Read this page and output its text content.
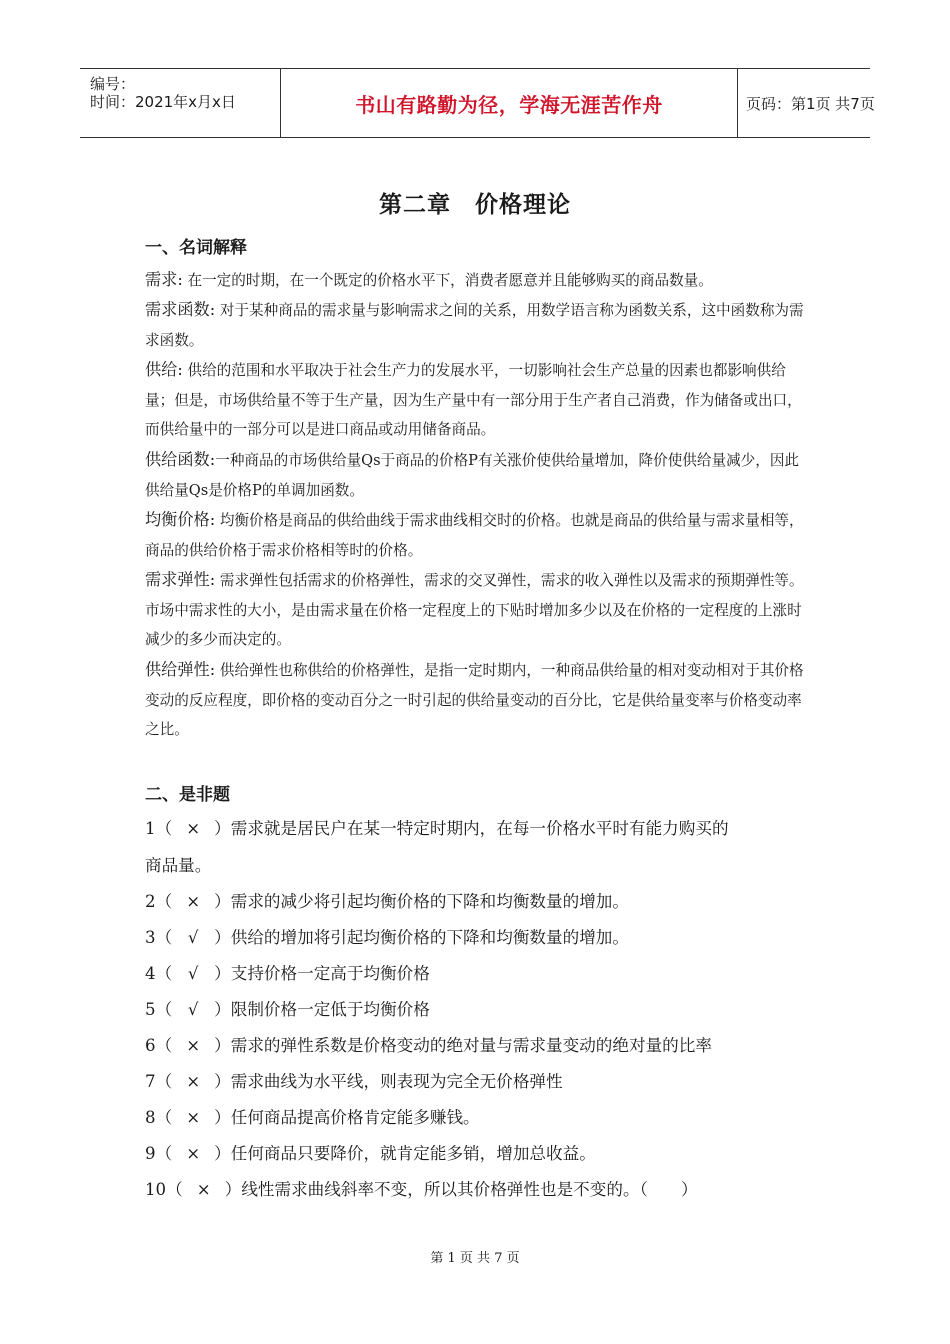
编号：
时间：2021年x月x日	书山有路勤为径，学海无涯苦作舟	页码：第1页 共7页
第二章　价格理论
一、名词解释
需求: 在一定的时期，在一个既定的价格水平下，消费者愿意并且能够购买的商品数量。
需求函数: 对于某种商品的需求量与影响需求之间的关系，用数学语言称为函数关系，这中函数称为需求函数。
供给: 供给的范围和水平取决于社会生产力的发展水平，一切影响社会生产总量的因素也都影响供给量；但是，市场供给量不等于生产量，因为生产量中有一部分用于生产者自己消费，作为储备或出口，而供给量中的一部分可以是进口商品或动用储备商品。
供给函数:一种商品的市场供给量Qs于商品的价格P有关涨价使供给量增加，降价使供给量减少，因此供给量Qs是价格P的单调加函数。
均衡价格: 均衡价格是商品的供给曲线于需求曲线相交时的价格。也就是商品的供给量与需求量相等，商品的供给价格于需求价格相等时的价格。
需求弹性: 需求弹性包括需求的价格弹性，需求的交叉弹性，需求的收入弹性以及需求的预期弹性等。市场中需求性的大小，是由需求量在价格一定程度上的下贴时增加多少以及在价格的一定程度的上涨时减少的多少而决定的。
供给弹性: 供给弹性也称供给的价格弹性，是指一定时期内，一种商品供给量的相对变动相对于其价格变动的反应程度，即价格的变动百分之一时引起的供给量变动的百分比，它是供给量变率与价格变动率之比。
二、是非题
1（ × ）需求就是居民户在某一特定时期内，在每一价格水平时有能力购买的
商品量。
2（ × ）需求的减少将引起均衡价格的下降和均衡数量的增加。
3（ √ ）供给的增加将引起均衡价格的下降和均衡数量的增加。
4（ √ ）支持价格一定高于均衡价格
5（ √ ）限制价格一定低于均衡价格
6（ × ）需求的弹性系数是价格变动的绝对量与需求量变动的绝对量的比率
7（ × ）需求曲线为水平线，则表现为完全无价格弹性
8（ × ）任何商品提高价格肯定能多赚钱。
9（ × ）任何商品只要降价，就肯定能多销，增加总收益。
10（ × ）线性需求曲线斜率不变，所以其价格弹性也是不变的。（　　）
第 1 页 共 7 页
